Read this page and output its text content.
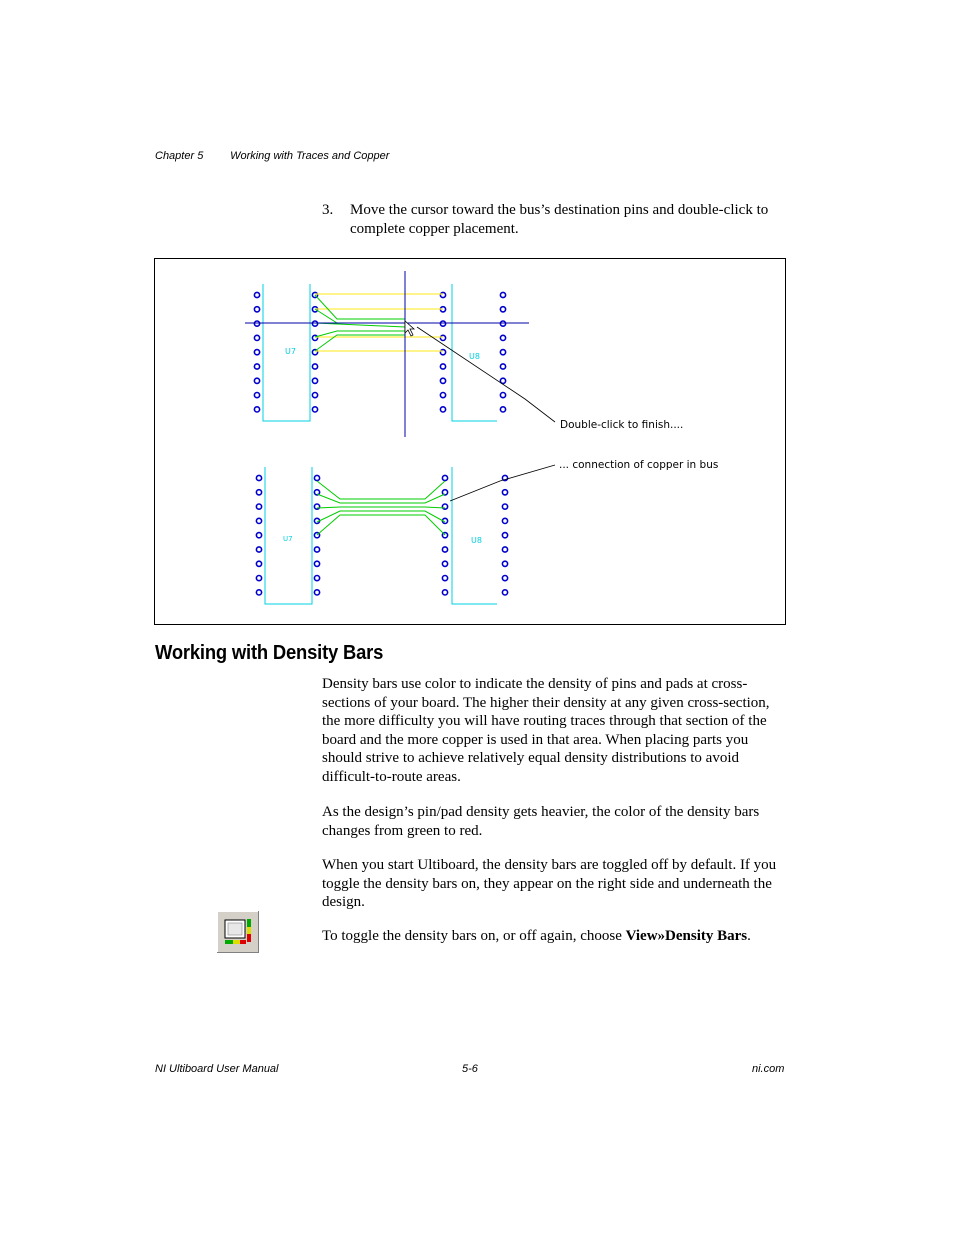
Chapter 5 Working with Traces and Copper
3. Move the cursor toward the bus’s destination pins and double-click to complete copper placement.
U7
U8
Double-click to finish....
U7	U8
... connection of copper in bus
Working with Density Bars

Density bars use color to indicate the density of pins and pads at cross-sections of your board. The higher their density at any given cross-section, the more difficulty you will have routing traces through that section of the board and the more copper is used in that area. When placing parts you should strive to achieve relatively equal density distributions to avoid difficult-to-route areas.

As the design’s pin/pad density gets heavier, the color of the density bars changes from green to red.

When you start Ultiboard, the density bars are toggled off by default. If you toggle the density bars on, they appear on the right side and underneath the design.

To toggle the density bars on, or off again, choose View»Density Bars.

NI Ultiboard User Manual	5-6	ni.com
